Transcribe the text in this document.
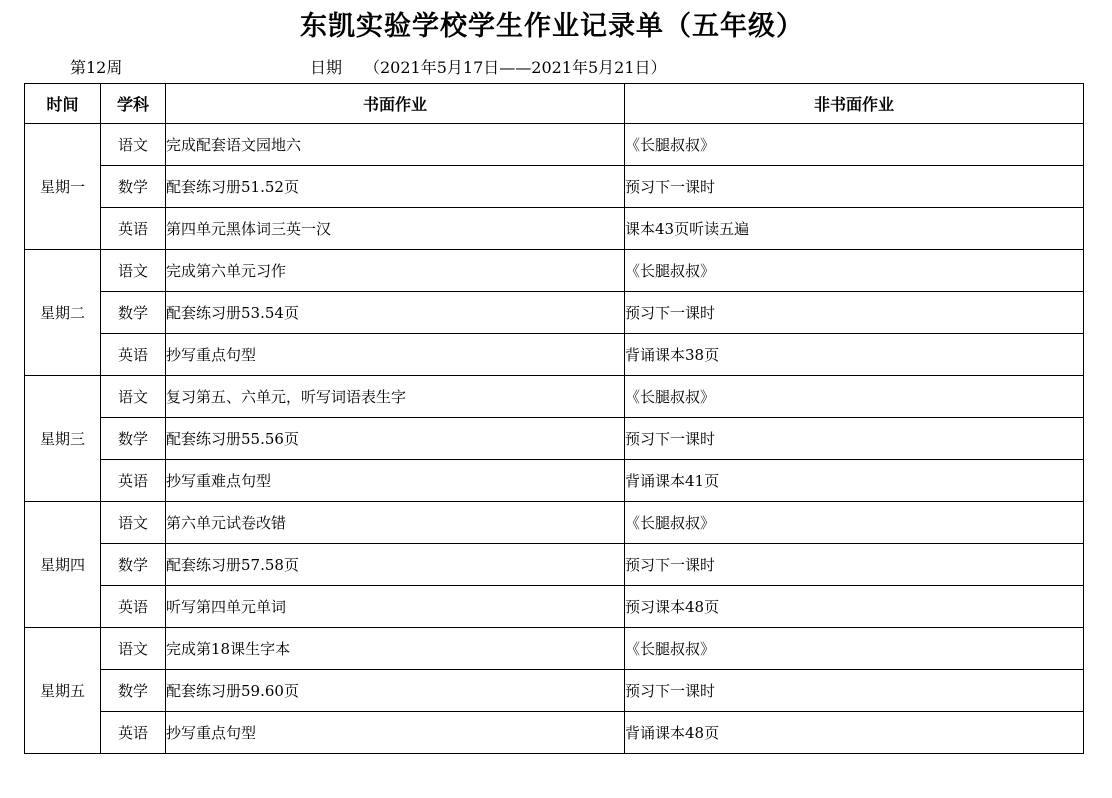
东凯实验学校学生作业记录单（五年级）
第12周	日期 （2021年5月17日——2021年5月21日）
时间	学科	书面作业	非书面作业
星期一	语文	完成配套语文园地六	《长腿叔叔》
	数学	配套练习册51.52页	预习下一课时
	英语	第四单元黑体词三英一汉	课本43页听读五遍
星期二	语文	完成第六单元习作	《长腿叔叔》
	数学	配套练习册53.54页	预习下一课时
	英语	抄写重点句型	背诵课本38页
星期三	语文	复习第五、六单元，听写词语表生字	《长腿叔叔》
	数学	配套练习册55.56页	预习下一课时
	英语	抄写重难点句型	背诵课本41页
星期四	语文	第六单元试卷改错	《长腿叔叔》
	数学	配套练习册57.58页	预习下一课时
	英语	听写第四单元单词	预习课本48页
星期五	语文	完成第18课生字本	《长腿叔叔》
	数学	配套练习册59.60页	预习下一课时
	英语	抄写重点句型	背诵课本48页
